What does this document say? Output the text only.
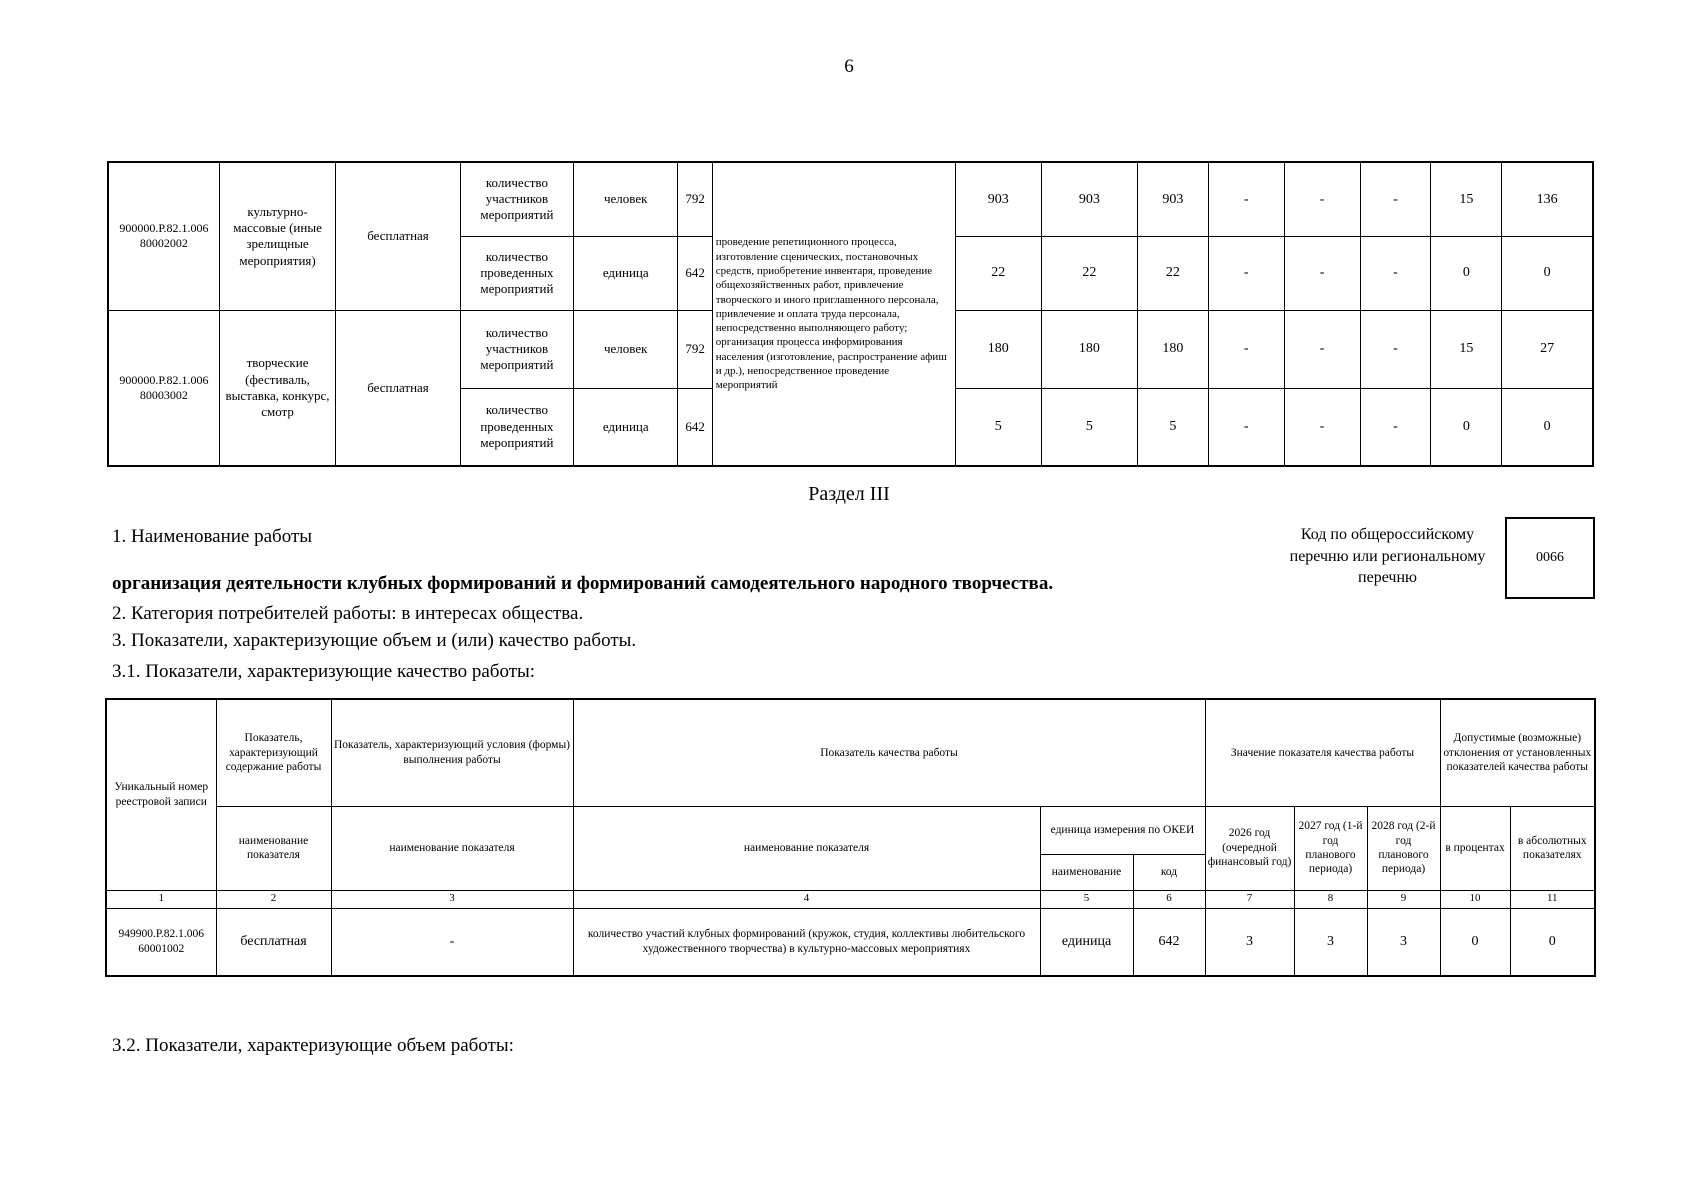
6
900000.Р.82.1.006 80002002	культурно-массовые (иные зрелищные мероприятия)	бесплатная	количество участников мероприятий	человек	792	проведение репетиционного процесса, изготовление сценических, постановочных средств, приобретение инвентаря, проведение общехозяйственных работ, привлечение творческого и иного приглашенного персонала, привлечение и оплата труда персонала, непосредственно выполняющего работу; организация процесса информирования населения (изготовление, распространение афиш и др.), непосредственное проведение мероприятий	903	903	903	-	-	-	15	136
			количество проведенных мероприятий	единица	642		22	22	22	-	-	-	0	0
900000.Р.82.1.006 80003002	творческие (фестиваль, выставка, конкурс, смотр	бесплатная	количество участников мероприятий	человек	792		180	180	180	-	-	-	15	27
			количество проведенных мероприятий	единица	642		5	5	5	-	-	-	0	0
Раздел III
1. Наименование работы	Код по общероссийскому
перечню или региональному
перечню
0066
организация деятельности клубных формирований и формирований самодеятельного народного творчества.
2. Категория потребителей работы: в интересах общества.
3. Показатели, характеризующие объем и (или) качество работы.
3.1. Показатели, характеризующие качество работы:
Уникальный номер реестровой записи	Показатель, характеризующий содержание работы	Показатель, характеризующий условия (формы) выполнения работы	Показатель качества работы			Значение показателя качества работы			Допустимые (возможные) отклонения от установленных показателей качества работы	
	наименование показателя	наименование показателя	наименование показателя	единица измерения по ОКЕИ		2026 год (очередной финансовый год)	2027 год (1-й год планового периода)	2028 год (2-й год планового периода)	в процентах	в абсолютных показателях
				наименование	код					
1	2	3	4	5	6	7	8	9	10	11
949900.Р.82.1.006 60001002	бесплатная	-	количество участий клубных формирований (кружок, студия, коллективы любительского художественного творчества) в культурно-массовых мероприятиях	единица	642	3	3	3	0	0
3.2. Показатели, характеризующие объем работы:
